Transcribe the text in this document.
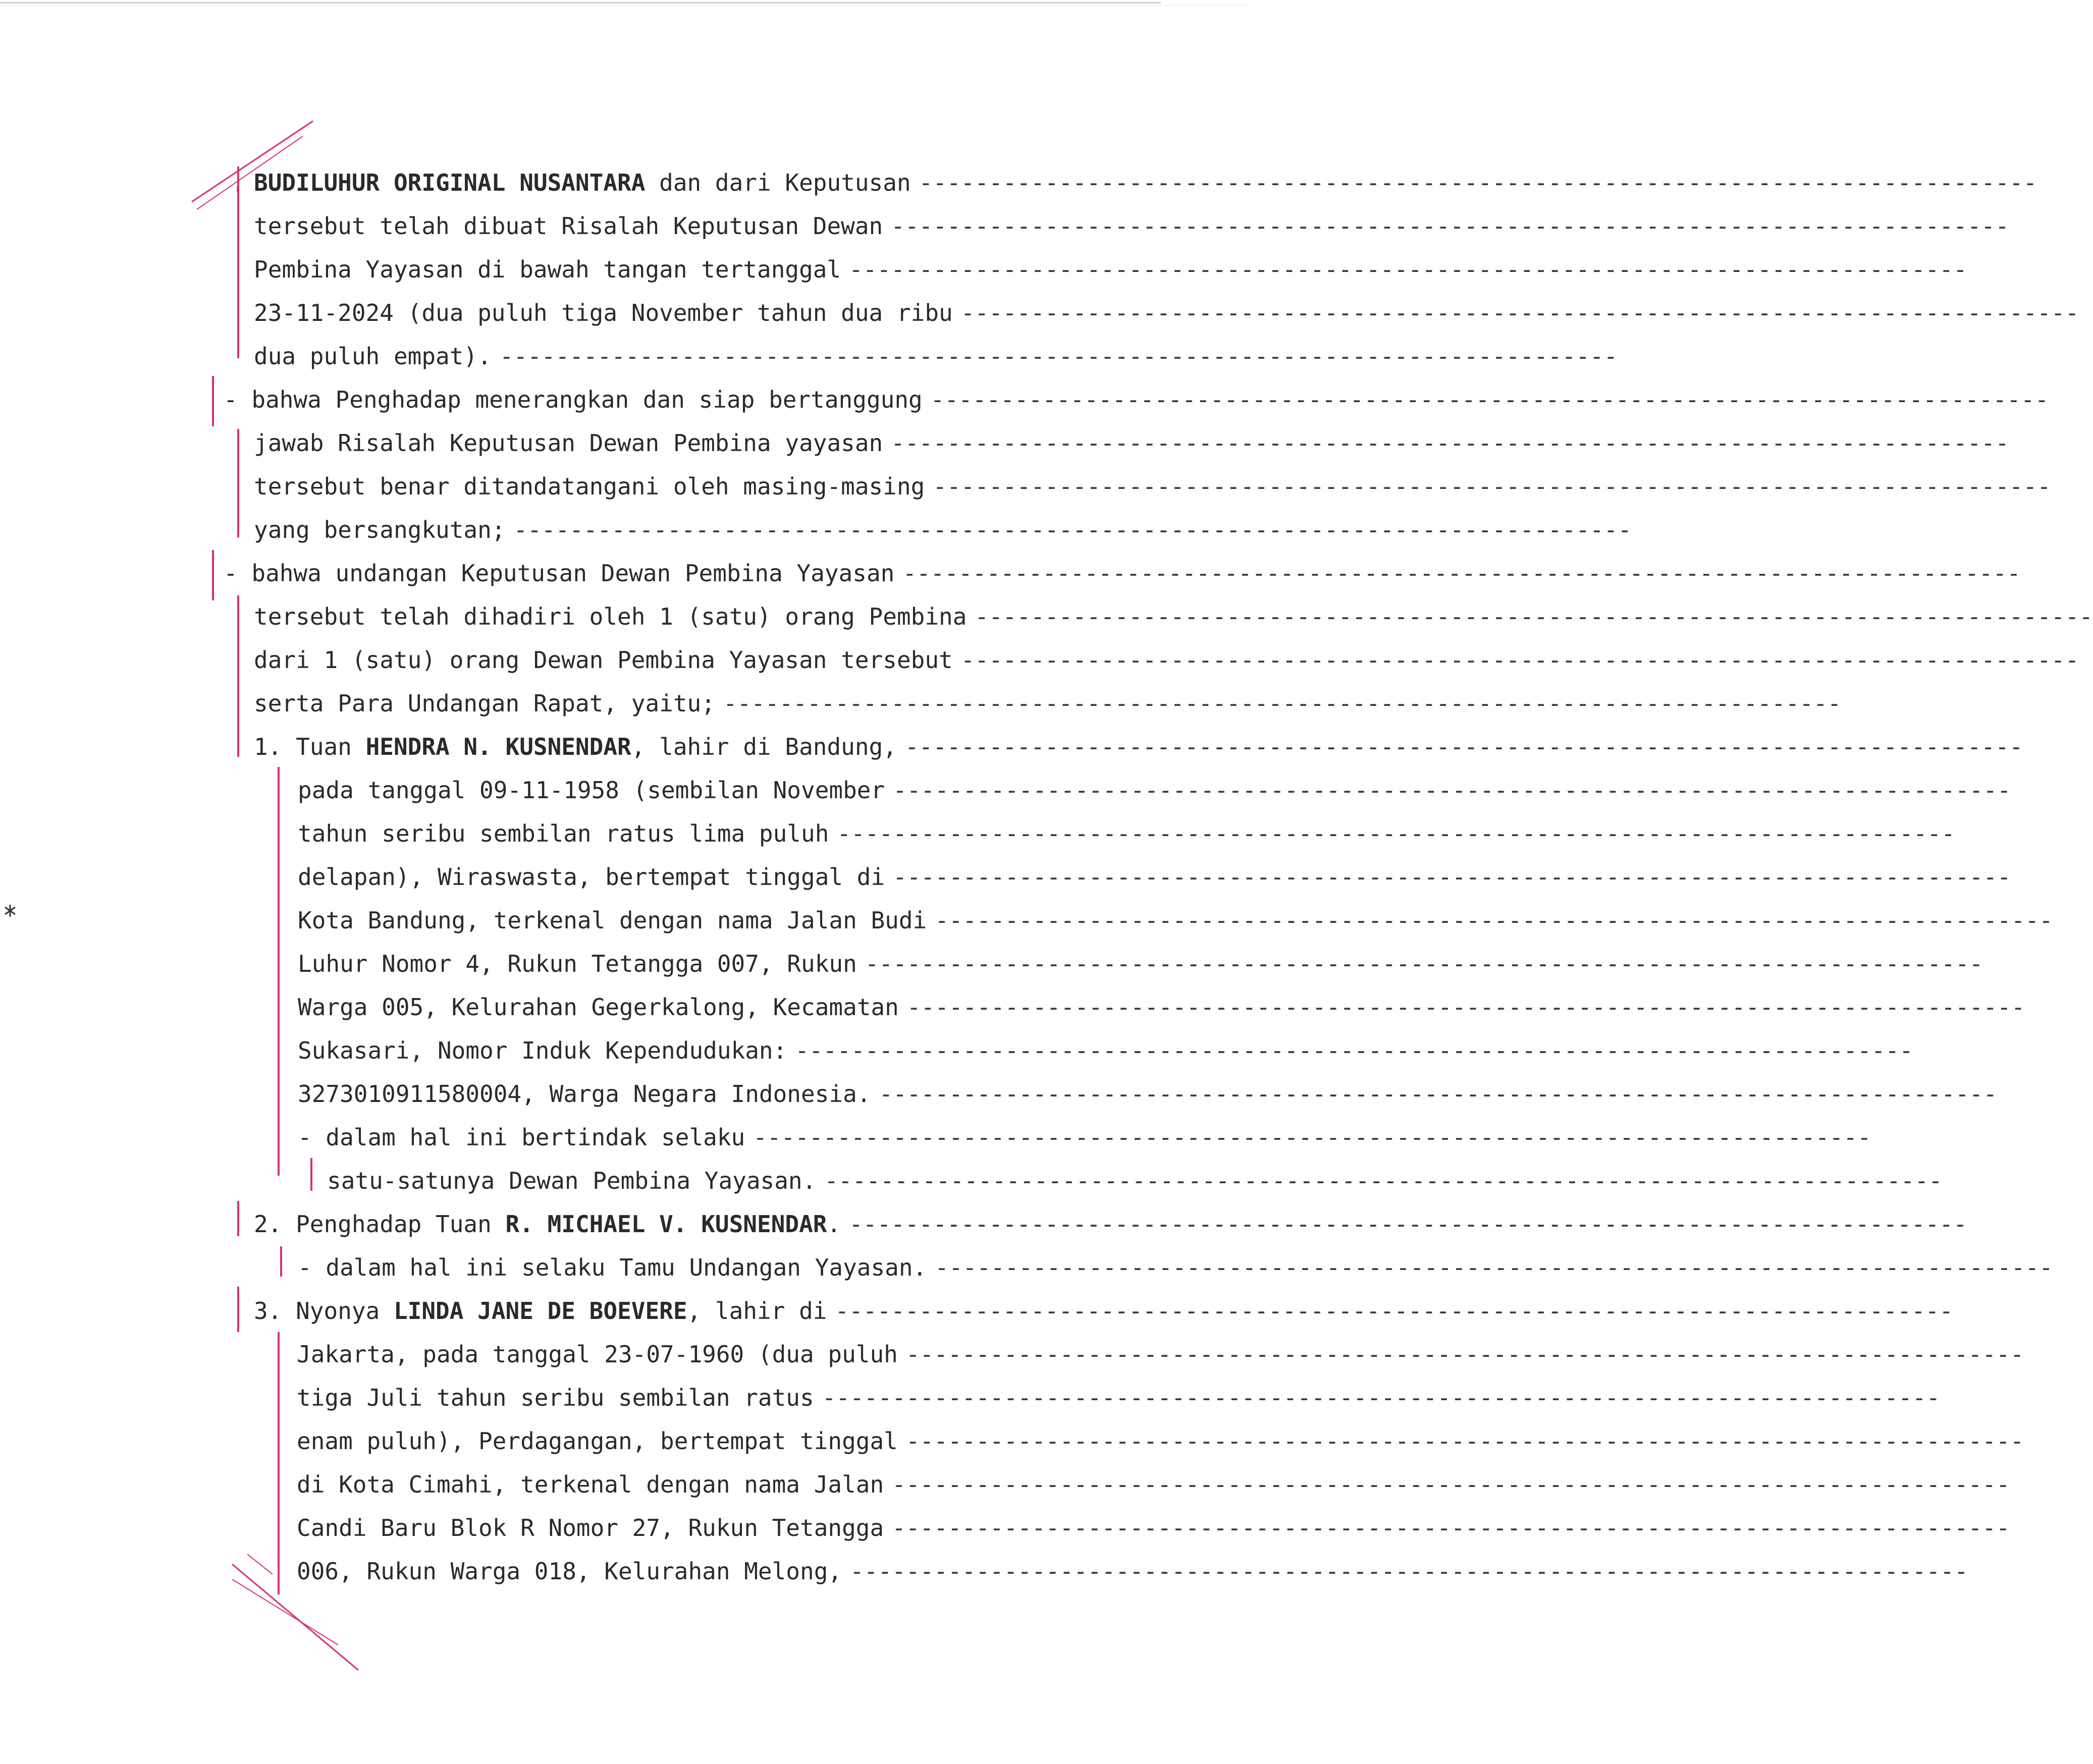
BUDILUHUR ORIGINAL NUSANTARA dan dari Keputusan --------------------------------------------------------------------------------
tersebut telah dibuat Risalah Keputusan Dewan --------------------------------------------------------------------------------
Pembina Yayasan di bawah tangan tertanggal --------------------------------------------------------------------------------
23-11-2024 (dua puluh tiga November tahun dua ribu --------------------------------------------------------------------------------
dua puluh empat). --------------------------------------------------------------------------------
- bahwa Penghadap menerangkan dan siap bertanggung --------------------------------------------------------------------------------
jawab Risalah Keputusan Dewan Pembina yayasan --------------------------------------------------------------------------------
tersebut benar ditandatangani oleh masing-masing --------------------------------------------------------------------------------
yang bersangkutan; --------------------------------------------------------------------------------
- bahwa undangan Keputusan Dewan Pembina Yayasan --------------------------------------------------------------------------------
tersebut telah dihadiri oleh 1 (satu) orang Pembina --------------------------------------------------------------------------------
dari 1 (satu) orang Dewan Pembina Yayasan tersebut --------------------------------------------------------------------------------
serta Para Undangan Rapat, yaitu; --------------------------------------------------------------------------------
1. Tuan HENDRA N. KUSNENDAR, lahir di Bandung, --------------------------------------------------------------------------------
pada tanggal 09-11-1958 (sembilan November --------------------------------------------------------------------------------
tahun seribu sembilan ratus lima puluh --------------------------------------------------------------------------------
delapan), Wiraswasta, bertempat tinggal di --------------------------------------------------------------------------------
Kota Bandung, terkenal dengan nama Jalan Budi --------------------------------------------------------------------------------
Luhur Nomor 4, Rukun Tetangga 007, Rukun --------------------------------------------------------------------------------
Warga 005, Kelurahan Gegerkalong, Kecamatan --------------------------------------------------------------------------------
Sukasari, Nomor Induk Kependudukan: --------------------------------------------------------------------------------
3273010911580004, Warga Negara Indonesia. --------------------------------------------------------------------------------
- dalam hal ini bertindak selaku --------------------------------------------------------------------------------
satu-satunya Dewan Pembina Yayasan. --------------------------------------------------------------------------------
2. Penghadap Tuan R. MICHAEL V. KUSNENDAR. --------------------------------------------------------------------------------
- dalam hal ini selaku Tamu Undangan Yayasan. --------------------------------------------------------------------------------
3. Nyonya LINDA JANE DE BOEVERE, lahir di --------------------------------------------------------------------------------
Jakarta, pada tanggal 23-07-1960 (dua puluh --------------------------------------------------------------------------------
tiga Juli tahun seribu sembilan ratus --------------------------------------------------------------------------------
enam puluh), Perdagangan, bertempat tinggal --------------------------------------------------------------------------------
di Kota Cimahi, terkenal dengan nama Jalan --------------------------------------------------------------------------------
Candi Baru Blok R Nomor 27, Rukun Tetangga --------------------------------------------------------------------------------
006, Rukun Warga 018, Kelurahan Melong, --------------------------------------------------------------------------------
